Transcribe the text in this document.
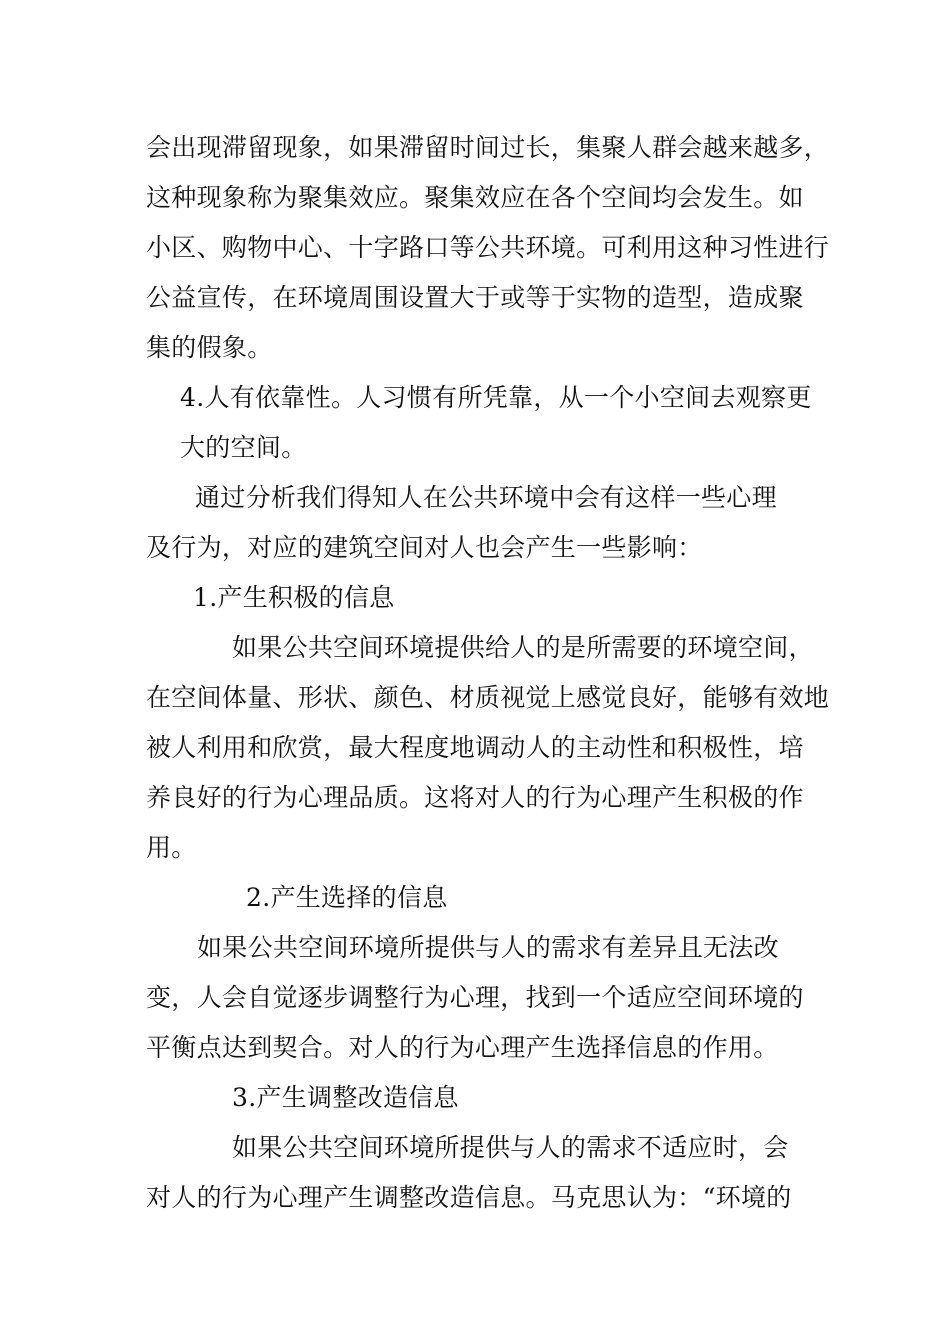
会出现滞留现象，如果滞留时间过长，集聚人群会越来越多，
这种现象称为聚集效应。聚集效应在各个空间均会发生。如
小区、购物中心、十字路口等公共环境。可利用这种习性进行
公益宣传，在环境周围设置大于或等于实物的造型，造成聚
集的假象。
4.人有依靠性。人习惯有所凭靠，从一个小空间去观察更
大的空间。
通过分析我们得知人在公共环境中会有这样一些心理
及行为，对应的建筑空间对人也会产生一些影响：
1.产生积极的信息
如果公共空间环境提供给人的是所需要的环境空间，
在空间体量、形状、颜色、材质视觉上感觉良好，能够有效地
被人利用和欣赏，最大程度地调动人的主动性和积极性，培
养良好的行为心理品质。这将对人的行为心理产生积极的作
用。
2.产生选择的信息
如果公共空间环境所提供与人的需求有差异且无法改
变，人会自觉逐步调整行为心理，找到一个适应空间环境的
平衡点达到契合。对人的行为心理产生选择信息的作用。
3.产生调整改造信息
如果公共空间环境所提供与人的需求不适应时，会
对人的行为心理产生调整改造信息。马克思认为：“环境的
